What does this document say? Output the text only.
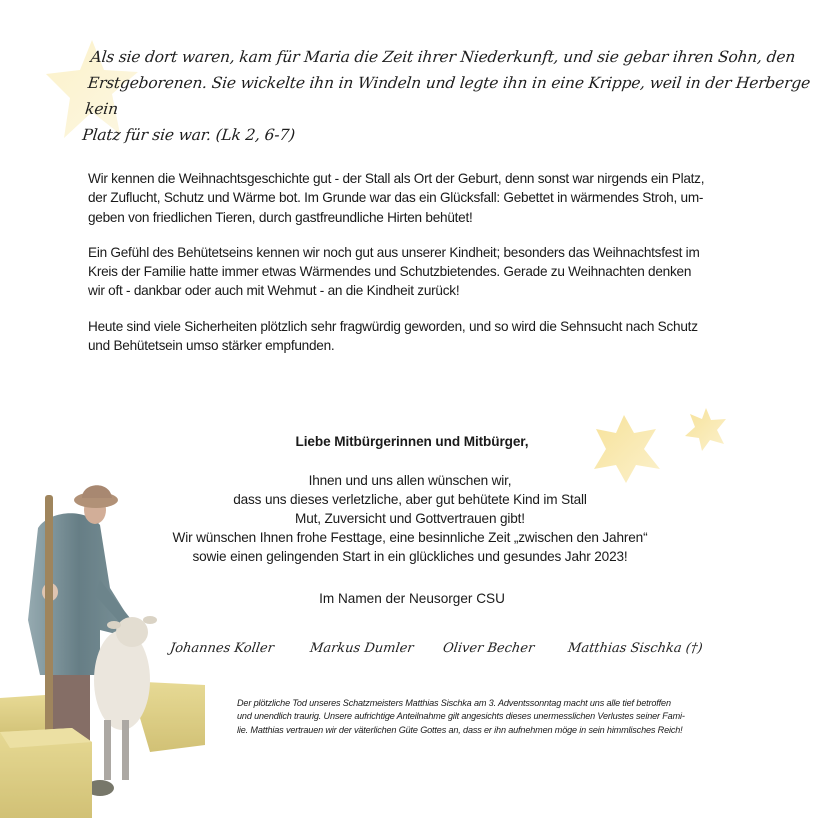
Als sie dort waren, kam für Maria die Zeit ihrer Niederkunft, und sie gebar ihren Sohn, den
Erstgeborenen. Sie wickelte ihn in Windeln und legte ihn in eine Krippe, weil in der Herberge kein
Platz für sie war. (Lk 2, 6-7)

Wir kennen die Weihnachtsgeschichte gut - der Stall als Ort der Geburt, denn sonst war nirgends ein Platz,
der Zuflucht, Schutz und Wärme bot. Im Grunde war das ein Glücksfall: Gebettet in wärmendes Stroh, um-
geben von friedlichen Tieren, durch gastfreundliche Hirten behütet!

Ein Gefühl des Behütetseins kennen wir noch gut aus unserer Kindheit; besonders das Weihnachtsfest im
Kreis der Familie hatte immer etwas Wärmendes und Schutzbietendes. Gerade zu Weihnachten denken
wir oft - dankbar oder auch mit Wehmut - an die Kindheit zurück!

Heute sind viele Sicherheiten plötzlich sehr fragwürdig geworden, und so wird die Sehnsucht nach Schutz
und Behütetsein umso stärker empfunden.

Liebe Mitbürgerinnen und Mitbürger,
Ihnen und uns allen wünschen wir,
dass uns dieses verletzliche, aber gut behütete Kind im Stall
Mut, Zuversicht und Gottvertrauen gibt!
Wir wünschen Ihnen frohe Festtage, eine besinnliche Zeit „zwischen den Jahren“
sowie einen gelingenden Start in ein glückliches und gesundes Jahr 2023!
Im Namen der Neusorger CSU
Johannes Koller	Markus Dumler Oliver Becher Matthias Sischka (†)
Der plötzliche Tod unseres Schatzmeisters Matthias Sischka am 3. Adventssonntag macht uns alle tief betroffen
und unendlich traurig. Unsere aufrichtige Anteilnahme gilt angesichts dieses unermesslichen Verlustes seiner Fami-
lie. Matthias vertrauen wir der väterlichen Güte Gottes an, dass er ihn aufnehmen möge in sein himmlisches Reich!
